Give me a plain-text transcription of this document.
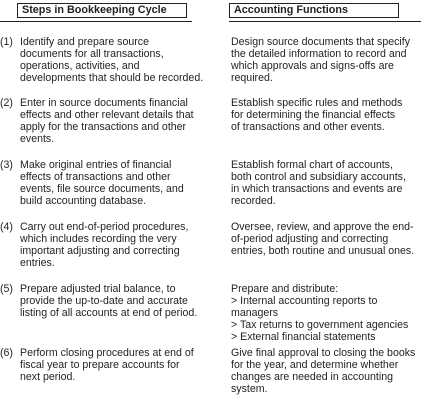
Steps in Bookkeeping Cycle	Accounting Functions
(1) Identify and prepare source
documents for all transactions,
operations, activities, and
developments that should be recorded.
Design source documents that specify
the detailed information to record and
which approvals and signs-offs are
required.
(2) Enter in source documents financial
effects and other relevant details that
apply for the transactions and other
events.
Establish specific rules and methods
for determining the financial effects
of transactions and other events.
(3) Make original entries of financial
effects of transactions and other
events, file source documents, and
build accounting database.
Establish formal chart of accounts,
both control and subsidiary accounts,
in which transactions and events are
recorded.
(4) Carry out end-of-period procedures,
which includes recording the very
important adjusting and correcting
entries.
Oversee, review, and approve the end-
of-period adjusting and correcting
entries, both routine and unusual ones.
(5) Prepare adjusted trial balance, to
provide the up-to-date and accurate
listing of all accounts at end of period.
Prepare and distribute:
> Internal accounting reports to managers
> Tax returns to government agencies
> External financial statements
(6) Perform closing procedures at end of
fiscal year to prepare accounts for
next period.
Give final approval to closing the books
for the year, and determine whether
changes are needed in accounting
system.
